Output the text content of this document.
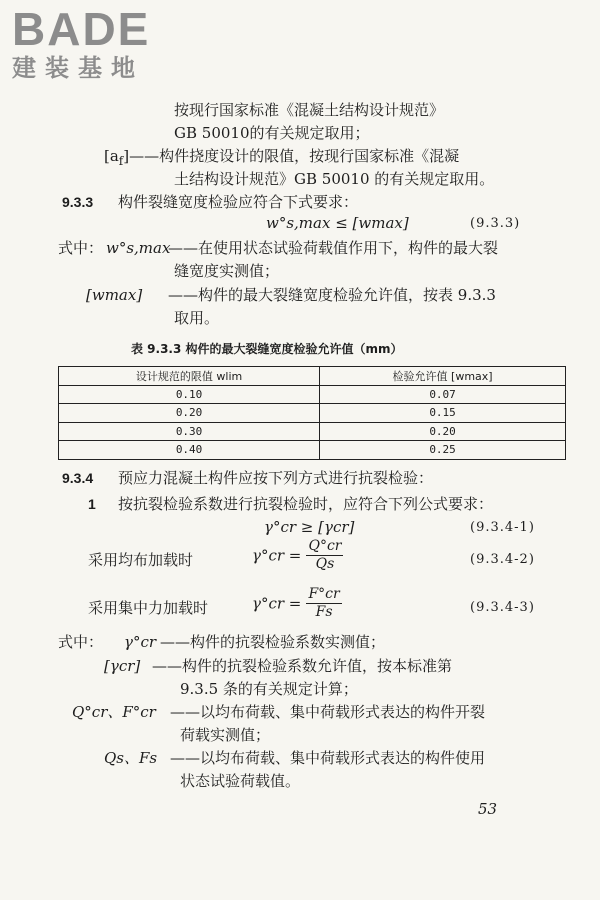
BADE
建装基地
按现行国家标准《混凝土结构设计规范》
GB 50010的有关规定取用；
$[a_f]——$构件挠度设计的限值，按现行国家标准《混凝
土结构设计规范》GB 50010 的有关规定取用。
9.3.3 构件裂缝宽度检验应符合下式要求：
w°s,max ≤ [wmax]	(9.3.3)
式中： w°s,max
——在使用状态试验荷载值作用下，构件的最大裂
缝宽度实测值；
[wmax] ——构件的最大裂缝宽度检验允许值，按表 9.3.3
取用。
表 9.3.3 构件的最大裂缝宽度检验允许值（mm）
设计规范的限值 wlim	检验允许值 [wmax]
0.10	0.07
0.20	0.15
0.30	0.20
0.40	0.25
9.3.4 预应力混凝土构件应按下列方式进行抗裂检验：
1 按抗裂检验系数进行抗裂检验时，应符合下列公式要求：
γ°cr ≥ [γcr]	(9.3.4-1)
采用均布加载时	$\gamma^\circ cr = \frac{Q^\circ cr}{Qs}$	(9.3.4-2)
采用集中力加载时	$\gamma^\circ cr = \frac{F^\circ cr}{Fs}$	(9.3.4-3)
式中： γ°cr ——构件的抗裂检验系数实测值；
[γcr] ——构件的抗裂检验系数允许值，按本标准第
9.3.5 条的有关规定计算；
Q°cr、F°cr ——以均布荷载、集中荷载形式表达的构件开裂
荷载实测值；
Qs、Fs ——以均布荷载、集中荷载形式表达的构件使用
状态试验荷载值。
53
